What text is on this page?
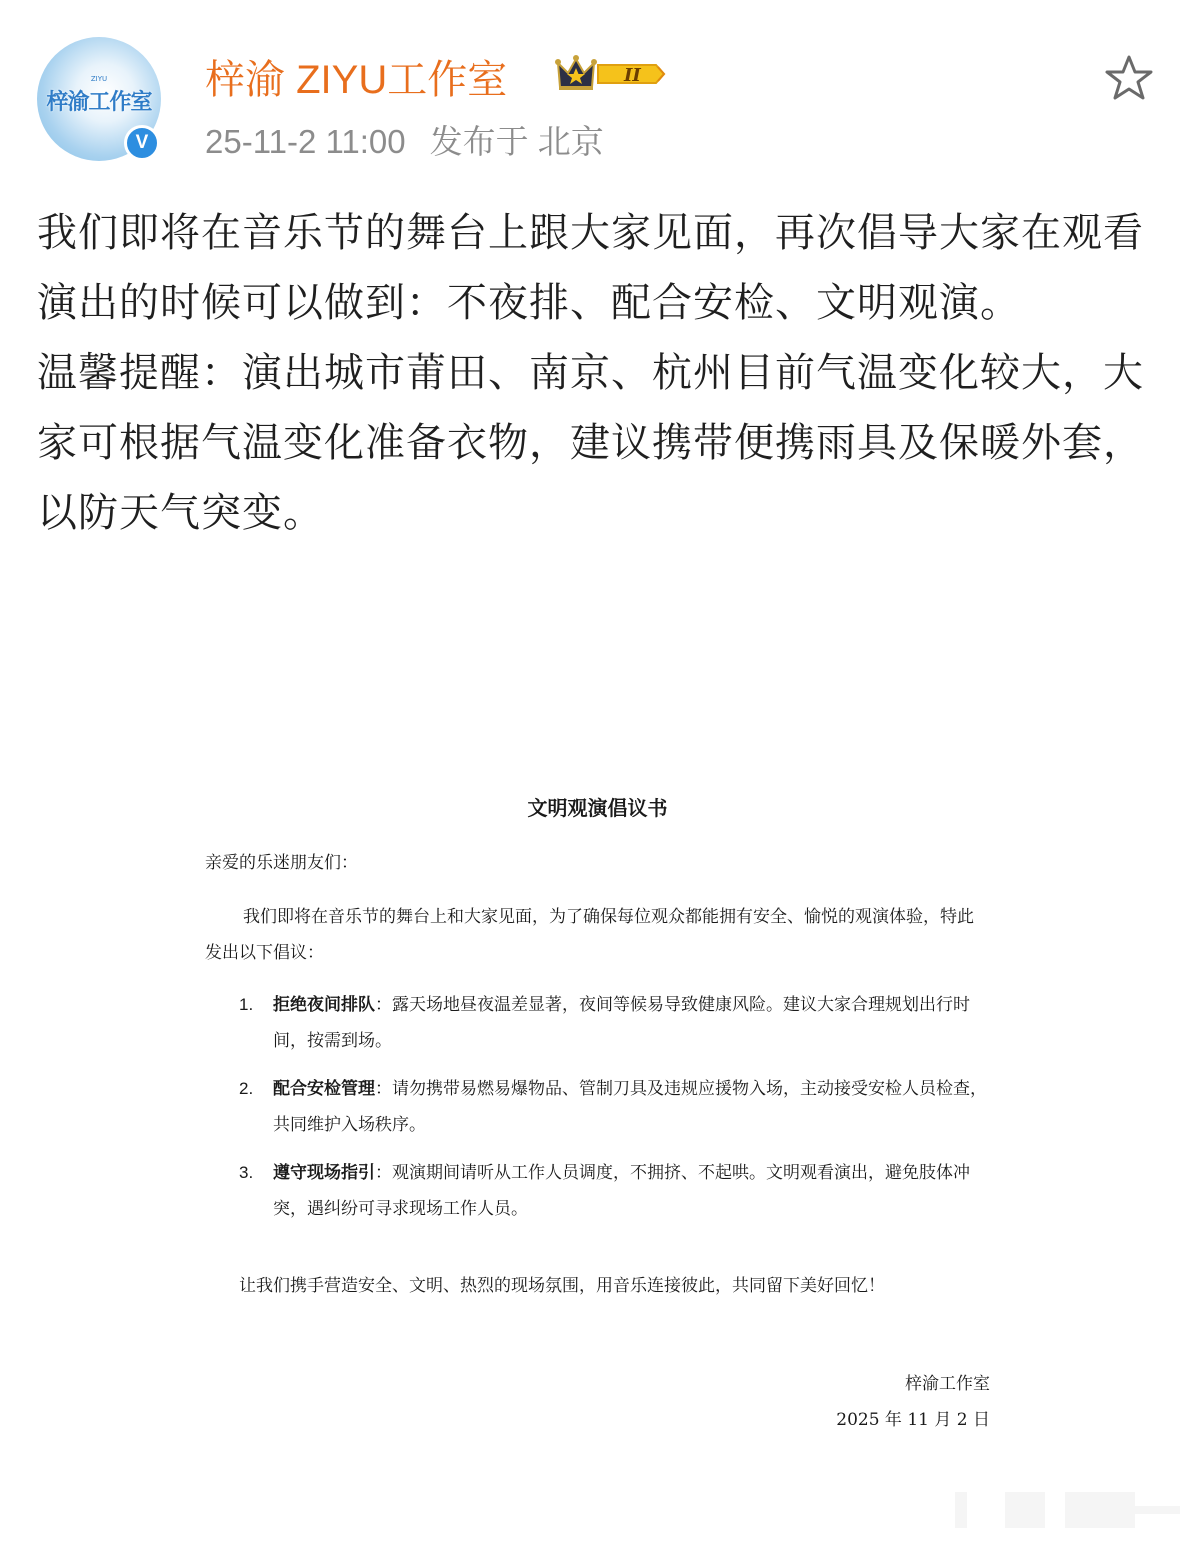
ZIYU
梓渝工作室
V
梓渝 ZIYU工作室	II
25-11-2 11:00 发布于 北京

我们即将在音乐节的舞台上跟大家见面，再次倡导大家在观看演出的时候可以做到：不夜排、配合安检、文明观演。

温馨提醒：演出城市莆田、南京、杭州目前气温变化较大，大家可根据气温变化准备衣物，建议携带便携雨具及保暖外套，以防天气突变。

文明观演倡议书
亲爱的乐迷朋友们：
我们即将在音乐节的舞台上和大家见面，为了确保每位观众都能拥有安全、愉悦的观演体验，特此发出以下倡议：
1. 拒绝夜间排队：露天场地昼夜温差显著，夜间等候易导致健康风险。建议大家合理规划出行时间，按需到场。
2. 配合安检管理：请勿携带易燃易爆物品、管制刀具及违规应援物入场，主动接受安检人员检查，共同维护入场秩序。
3. 遵守现场指引：观演期间请听从工作人员调度，不拥挤、不起哄。文明观看演出，避免肢体冲突，遇纠纷可寻求现场工作人员。
让我们携手营造安全、文明、热烈的现场氛围，用音乐连接彼此，共同留下美好回忆！
梓渝工作室
2025 年 11 月 2 日
